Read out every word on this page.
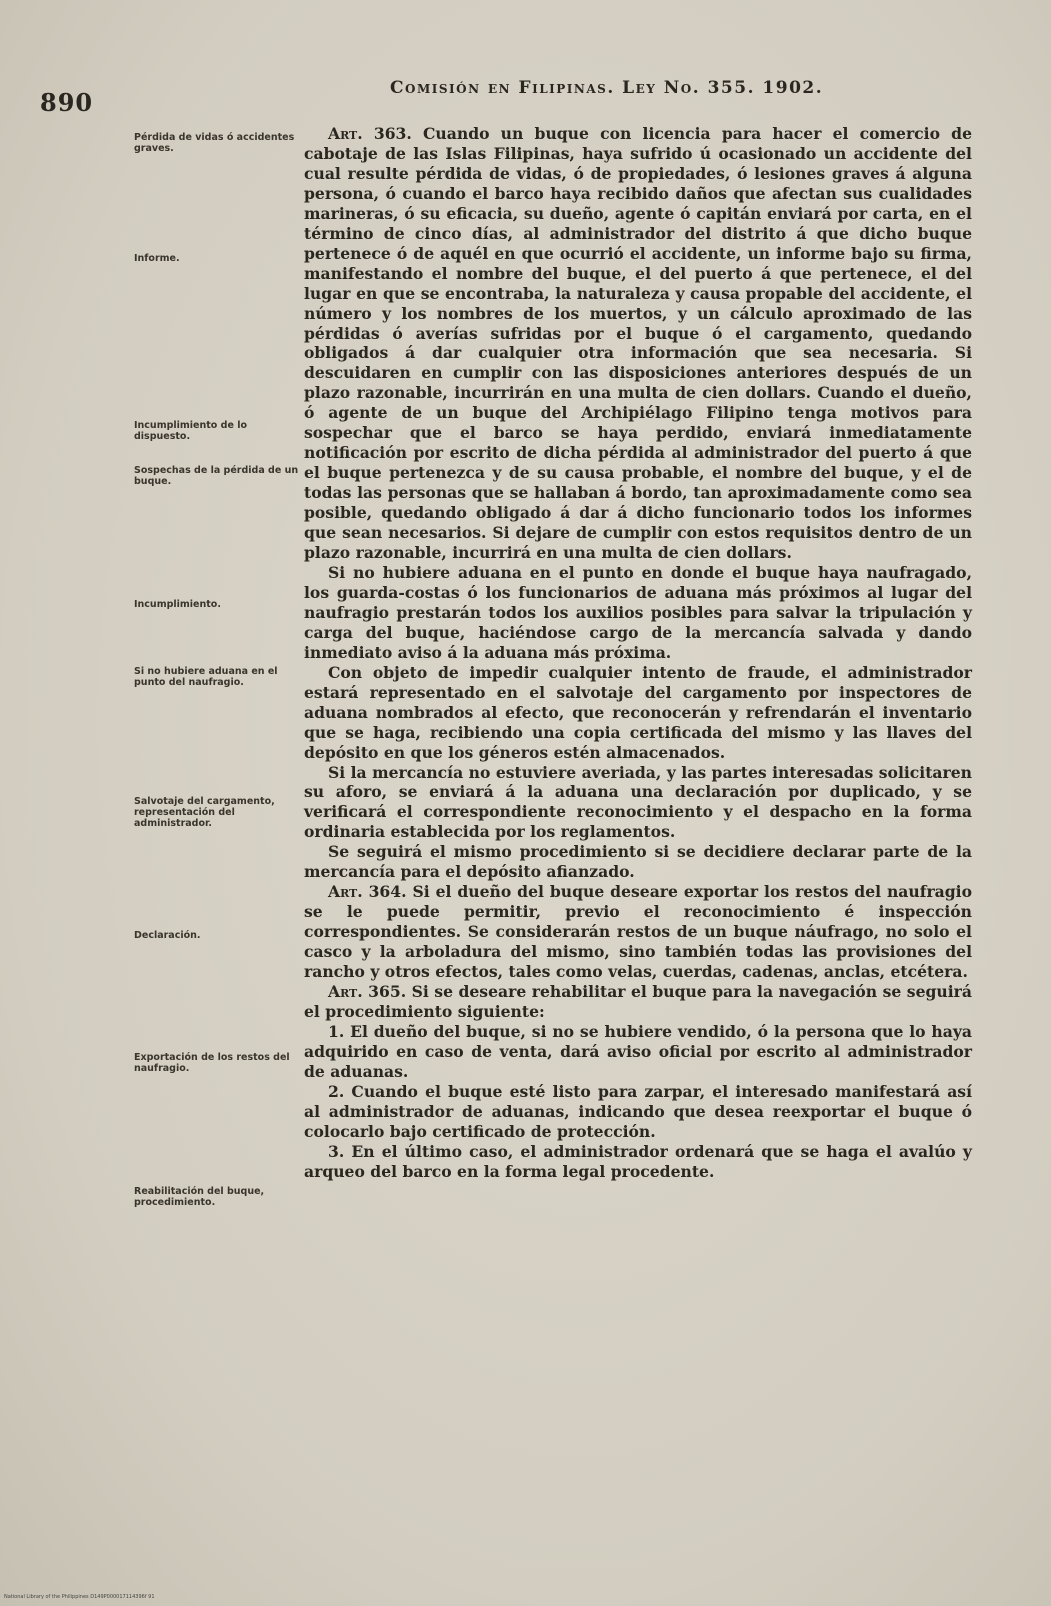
890	Comisión en Filipinas. Ley No. 355. 1902.
Pérdida de vidas ó accidentes graves.
Informe.
Incumplimiento de lo dispuesto.
Sospechas de la pérdida de un buque.
Incumplimiento.
Si no hubiere aduana en el punto del naufragio.
Salvotaje del cargamento, representación del administrador.
Declaración.
Exportación de los restos del naufragio.
Reabilitación del buque, procedimiento.

Art. 363. Cuando un buque con licencia para hacer el comercio de cabotaje de las Islas Filipinas, haya sufrido ú ocasionado un accidente del cual resulte pérdida de vidas, ó de propiedades, ó lesiones graves á alguna persona, ó cuando el barco haya recibido daños que afectan sus cualidades marineras, ó su eficacia, su dueño, agente ó capitán enviará por carta, en el término de cinco días, al administrador del distrito á que dicho buque pertenece ó de aquél en que ocurrió el accidente, un informe bajo su firma, manifestando el nombre del buque, el del puerto á que pertenece, el del lugar en que se encontraba, la naturaleza y causa propable del accidente, el número y los nombres de los muertos, y un cálculo aproximado de las pérdidas ó averías sufridas por el buque ó el cargamento, quedando obligados á dar cualquier otra información que sea necesaria. Si descuidaren en cumplir con las disposiciones anteriores después de un plazo razonable, incurrirán en una multa de cien dollars. Cuando el dueño, ó agente de un buque del Archipiélago Filipino tenga motivos para sospechar que el barco se haya perdido, enviará inmediatamente notificación por escrito de dicha pérdida al administrador del puerto á que el buque pertenezca y de su causa probable, el nombre del buque, y el de todas las personas que se hallaban á bordo, tan aproximadamente como sea posible, quedando obligado á dar á dicho funcionario todos los informes que sean necesarios. Si dejare de cumplir con estos requisitos dentro de un plazo razonable, incurrirá en una multa de cien dollars.

Si no hubiere aduana en el punto en donde el buque haya naufragado, los guarda-costas ó los funcionarios de aduana más próximos al lugar del naufragio prestarán todos los auxilios posibles para salvar la tripulación y carga del buque, haciéndose cargo de la mercancía salvada y dando inmediato aviso á la aduana más próxima.

Con objeto de impedir cualquier intento de fraude, el administrador estará representado en el salvotaje del cargamento por inspectores de aduana nombrados al efecto, que reconocerán y refrendarán el inventario que se haga, recibiendo una copia certificada del mismo y las llaves del depósito en que los géneros estén almacenados.

Si la mercancía no estuviere averiada, y las partes interesadas solicitaren su aforo, se enviará á la aduana una declaración por duplicado, y se verificará el correspondiente reconocimiento y el despacho en la forma ordinaria establecida por los reglamentos.

Se seguirá el mismo procedimiento si se decidiere declarar parte de la mercancía para el depósito afianzado.

Art. 364. Si el dueño del buque deseare exportar los restos del naufragio se le puede permitir, previo el reconocimiento é inspección correspondientes. Se considerarán restos de un buque náufrago, no solo el casco y la arboladura del mismo, sino también todas las provisiones del rancho y otros efectos, tales como velas, cuerdas, cadenas, anclas, etcétera.

Art. 365. Si se deseare rehabilitar el buque para la navegación se seguirá el procedimiento siguiente:

1. El dueño del buque, si no se hubiere vendido, ó la persona que lo haya adquirido en caso de venta, dará aviso oficial por escrito al administrador de aduanas.

2. Cuando el buque esté listo para zarpar, el interesado manifestará así al administrador de aduanas, indicando que desea reexportar el buque ó colocarlo bajo certificado de protección.

3. En el último caso, el administrador ordenará que se haga el avalúo y arqueo del barco en la forma legal procedente.

National Library of the Philippines D149P000017114396f 91
